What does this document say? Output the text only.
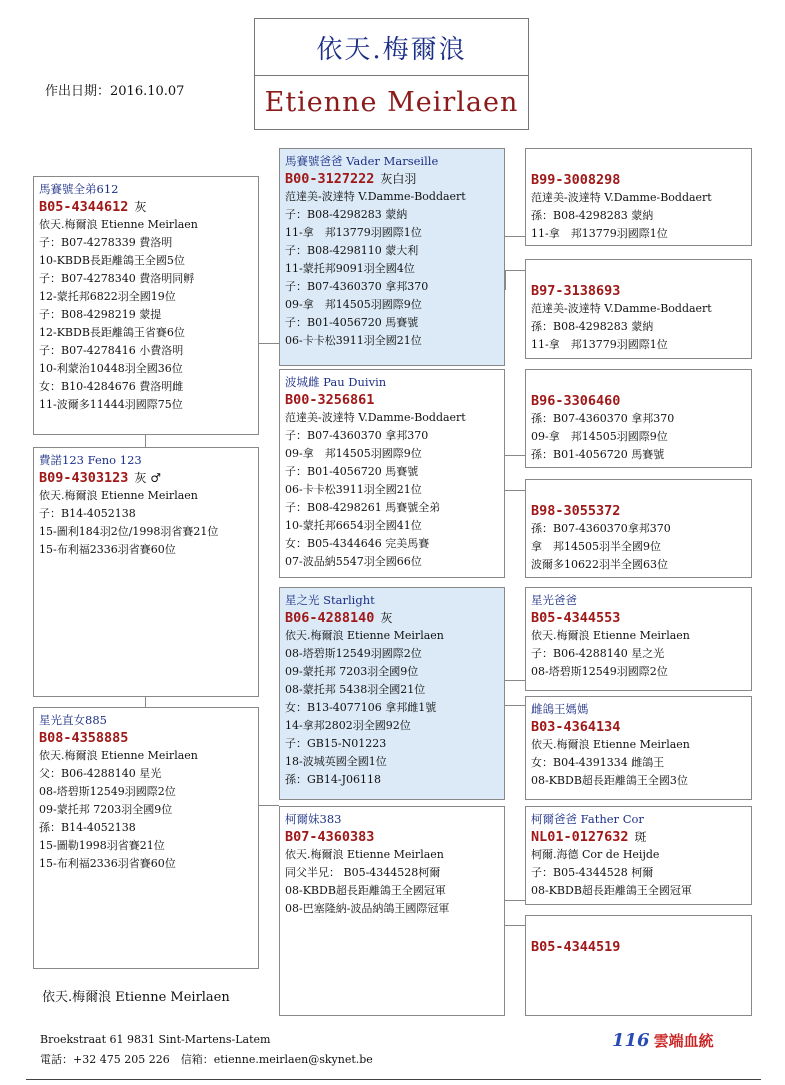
依天.梅爾浪
Etienne Meirlaen
作出日期：2016.10.07
馬賽號全弟612
B05-4344612 灰
依天.梅爾浪 Etienne Meirlaen
子：B07-4278339 費洛明
10-KBDB長距離鴿王全國5位
子：B07-4278340 費洛明同孵
12-蒙托邦6822羽全國19位
子：B08-4298219 蒙提
12-KBDB長距離鴿王省賽6位
子：B07-4278416 小費洛明
10-利蒙治10448羽全國36位
女：B10-4284676 費洛明雌
11-波爾多11444羽國際75位
費諾123 Feno 123
B09-4303123 灰 ♂
依天.梅爾浪 Etienne Meirlaen
子：B14-4052138
15-圖利184羽2位/1998羽省賽21位
15-布利福2336羽省賽60位
星光直女885
B08-4358885
依天.梅爾浪 Etienne Meirlaen
父：B06-4288140 星光
08-塔碧斯12549羽國際2位
09-蒙托邦 7203羽全國9位
孫：B14-4052138
15-圖勒1998羽省賽21位
15-布利福2336羽省賽60位
馬賽號爸爸 Vader Marseille
B00-3127222 灰白羽
范達美-波達特 V.Damme-Boddaert
子：B08-4298283 蒙納
11-拿　邦13779羽國際1位
子：B08-4298110 蒙大利
11-蒙托邦9091羽全國4位
子：B07-4360370 拿邦370
09-拿　邦14505羽國際9位
子：B01-4056720 馬賽號
06-卡卡松3911羽全國21位
波城雌 Pau Duivin
B00-3256861
范達美-波達特 V.Damme-Boddaert
子：B07-4360370 拿邦370
09-拿　邦14505羽國際9位
子：B01-4056720 馬賽號
06-卡卡松3911羽全國21位
子：B08-4298261 馬賽號全弟
10-蒙托邦6654羽全國41位
女：B05-4344646 完美馬賽
07-波品納5547羽全國66位
星之光 Starlight
B06-4288140 灰
依天.梅爾浪 Etienne Meirlaen
08-塔碧斯12549羽國際2位
09-蒙托邦 7203羽全國9位
08-蒙托邦 5438羽全國21位
女：B13-4077106 拿邦雌1號
14-拿邦2802羽全國92位
子：GB15-N01223
18-波城英國全國1位
孫：GB14-J06118
柯爾妹383
B07-4360383
依天.梅爾浪 Etienne Meirlaen
同父半兄： B05-4344528柯爾
08-KBDB超長距離鴿王全國冠軍
08-巴塞隆納-波品納鴿王國際冠軍
B99-3008298
范達美-波達特 V.Damme-Boddaert
孫：B08-4298283 蒙納
11-拿　邦13779羽國際1位
B97-3138693
范達美-波達特 V.Damme-Boddaert
孫：B08-4298283 蒙納
11-拿　邦13779羽國際1位
B96-3306460
孫：B07-4360370 拿邦370
09-拿　邦14505羽國際9位
孫：B01-4056720 馬賽號
B98-3055372
孫：B07-4360370拿邦370
拿　邦14505羽半全國9位
波爾多10622羽半全國63位
星光爸爸
B05-4344553
依天.梅爾浪 Etienne Meirlaen
子：B06-4288140 星之光
08-塔碧斯12549羽國際2位
雌鴿王媽媽
B03-4364134
依天.梅爾浪 Etienne Meirlaen
女：B04-4391334 雌鴿王
08-KBDB超長距離鴿王全國3位
柯爾爸爸 Father Cor
NL01-0127632 斑
柯爾.海德 Cor de Heijde
子：B05-4344528 柯爾
08-KBDB超長距離鴿王全國冠軍
B05-4344519
依天.梅爾浪 Etienne Meirlaen
Broekstraat 61 9831 Sint-Martens-Latem
電話：+32 475 205 226　信箱：etienne.meirlaen@skynet.be
116 雲端血統
